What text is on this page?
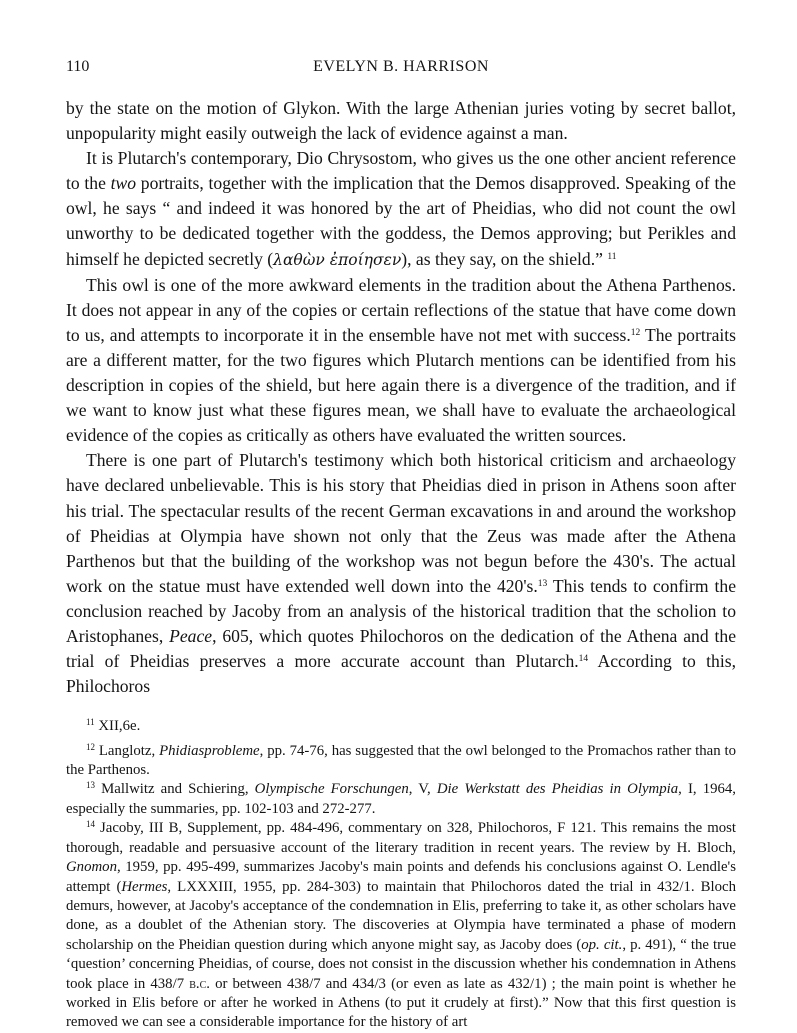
110	EVELYN B. HARRISON

by the state on the motion of Glykon. With the large Athenian juries voting by secret ballot, unpopularity might easily outweigh the lack of evidence against a man.

It is Plutarch's contemporary, Dio Chrysostom, who gives us the one other ancient reference to the two portraits, together with the implication that the Demos disapproved. Speaking of the owl, he says “ and indeed it was honored by the art of Pheidias, who did not count the owl unworthy to be dedicated together with the goddess, the Demos approving; but Perikles and himself he depicted secretly (λαθὼν ἐποίησεν), as they say, on the shield.” $^{11}$

This owl is one of the more awkward elements in the tradition about the Athena Parthenos. It does not appear in any of the copies or certain reflections of the statue that have come down to us, and attempts to incorporate it in the ensemble have not met with success.$^{12}$ The portraits are a different matter, for the two figures which Plutarch mentions can be identified from his description in copies of the shield, but here again there is a divergence of the tradition, and if we want to know just what these figures mean, we shall have to evaluate the archaeological evidence of the copies as critically as others have evaluated the written sources.

There is one part of Plutarch's testimony which both historical criticism and archaeology have declared unbelievable. This is his story that Pheidias died in prison in Athens soon after his trial. The spectacular results of the recent German excavations in and around the workshop of Pheidias at Olympia have shown not only that the Zeus was made after the Athena Parthenos but that the building of the workshop was not begun before the 430's. The actual work on the statue must have extended well down into the 420's.$^{13}$ This tends to confirm the conclusion reached by Jacoby from an analysis of the historical tradition that the scholion to Aristophanes, Peace, 605, which quotes Philochoros on the dedication of the Athena and the trial of Pheidias preserves a more accurate account than Plutarch.$^{14}$ According to this, Philochoros

$^{11}$ XII,6e.

$^{12}$ Langlotz, Phidiasprobleme, pp. 74-76, has suggested that the owl belonged to the Promachos rather than to the Parthenos.

$^{13}$ Mallwitz and Schiering, Olympische Forschungen, V, Die Werkstatt des Pheidias in Olympia, I, 1964, especially the summaries, pp. 102-103 and 272-277.

$^{14}$ Jacoby, III B, Supplement, pp. 484-496, commentary on 328, Philochoros, F 121. This remains the most thorough, readable and persuasive account of the literary tradition in recent years. The review by H. Bloch, Gnomon, 1959, pp. 495-499, summarizes Jacoby's main points and defends his conclusions against O. Lendle's attempt (Hermes, LXXXIII, 1955, pp. 284-303) to maintain that Philochoros dated the trial in 432/1. Bloch demurs, however, at Jacoby's acceptance of the condemnation in Elis, preferring to take it, as other scholars have done, as a doublet of the Athenian story. The discoveries at Olympia have terminated a phase of modern scholarship on the Pheidian question during which anyone might say, as Jacoby does (op. cit., p. 491), “ the true ‘question’ concerning Pheidias, of course, does not consist in the discussion whether his condemnation in Athens took place in 438/7 b.c. or between 438/7 and 434/3 (or even as late as 432/1) ; the main point is whether he worked in Elis before or after he worked in Athens (to put it crudely at first).” Now that this first question is removed we can see a considerable importance for the history of art
